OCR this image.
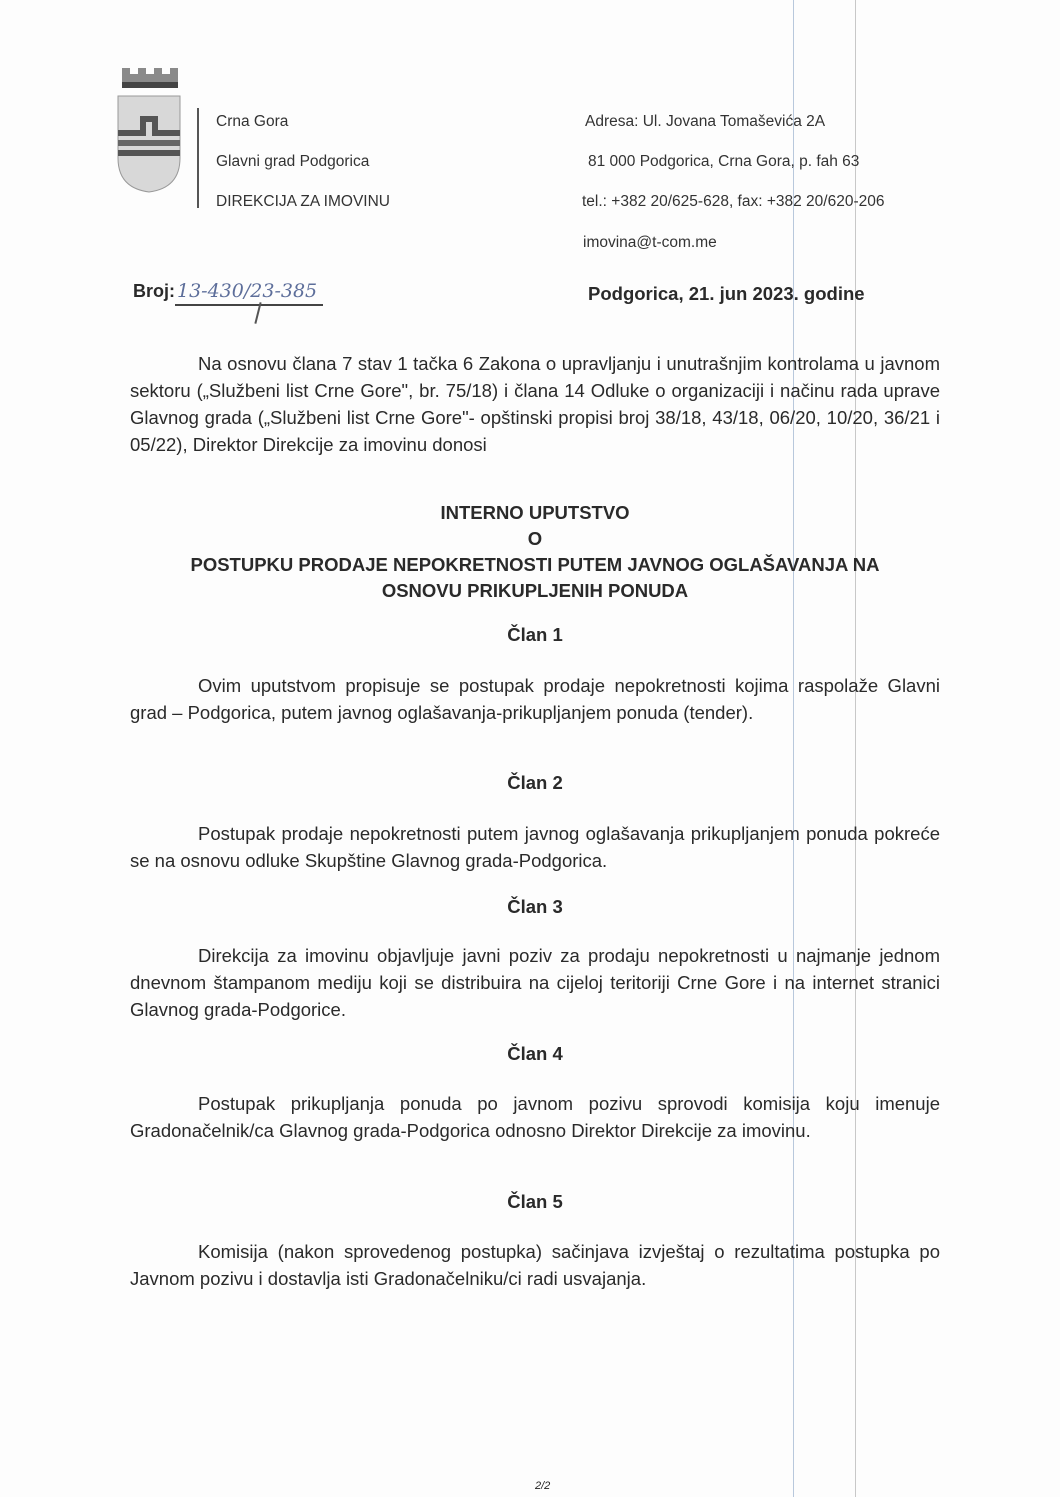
Crna Gora
Glavni grad Podgorica
DIREKCIJA ZA IMOVINU
Adresa: Ul. Jovana Tomaševića 2A
81 000 Podgorica, Crna Gora, p. fah 63
tel.: +382 20/625-628, fax: +382 20/620-206
imovina@t-com.me
Broj: 13-430/23-385	Podgorica, 21. jun 2023. godine
Na osnovu člana 7 stav 1 tačka 6 Zakona o upravljanju i unutrašnjim kontrolama u javnom sektoru („Službeni list Crne Gore", br. 75/18) i člana 14 Odluke o organizaciji i načinu rada uprave Glavnog grada („Službeni list Crne Gore"- opštinski propisi broj 38/18, 43/18, 06/20, 10/20, 36/21 i 05/22), Direktor Direkcije za imovinu donosi
INTERNO UPUTSTVO
O
POSTUPKU PRODAJE NEPOKRETNOSTI PUTEM JAVNOG OGLAŠAVANJA NA
OSNOVU PRIKUPLJENIH PONUDA
Član 1
Ovim uputstvom propisuje se postupak prodaje nepokretnosti kojima raspolaže Glavni grad – Podgorica, putem javnog oglašavanja-prikupljanjem ponuda (tender).
Član 2
Postupak prodaje nepokretnosti putem javnog oglašavanja prikupljanjem ponuda pokreće se na osnovu odluke Skupštine Glavnog grada-Podgorica.
Član 3
Direkcija za imovinu objavljuje javni poziv za prodaju nepokretnosti u najmanje jednom dnevnom štampanom mediju koji se distribuira na cijeloj teritoriji Crne Gore i na internet stranici Glavnog grada-Podgorice.
Član 4
Postupak prikupljanja ponuda po javnom pozivu sprovodi komisija koju imenuje Gradonačelnik/ca Glavnog grada-Podgorica odnosno Direktor Direkcije za imovinu.
Član 5
Komisija (nakon sprovedenog postupka) sačinjava izvještaj o rezultatima postupka po Javnom pozivu i dostavlja isti Gradonačelniku/ci radi usvajanja.
2/2
